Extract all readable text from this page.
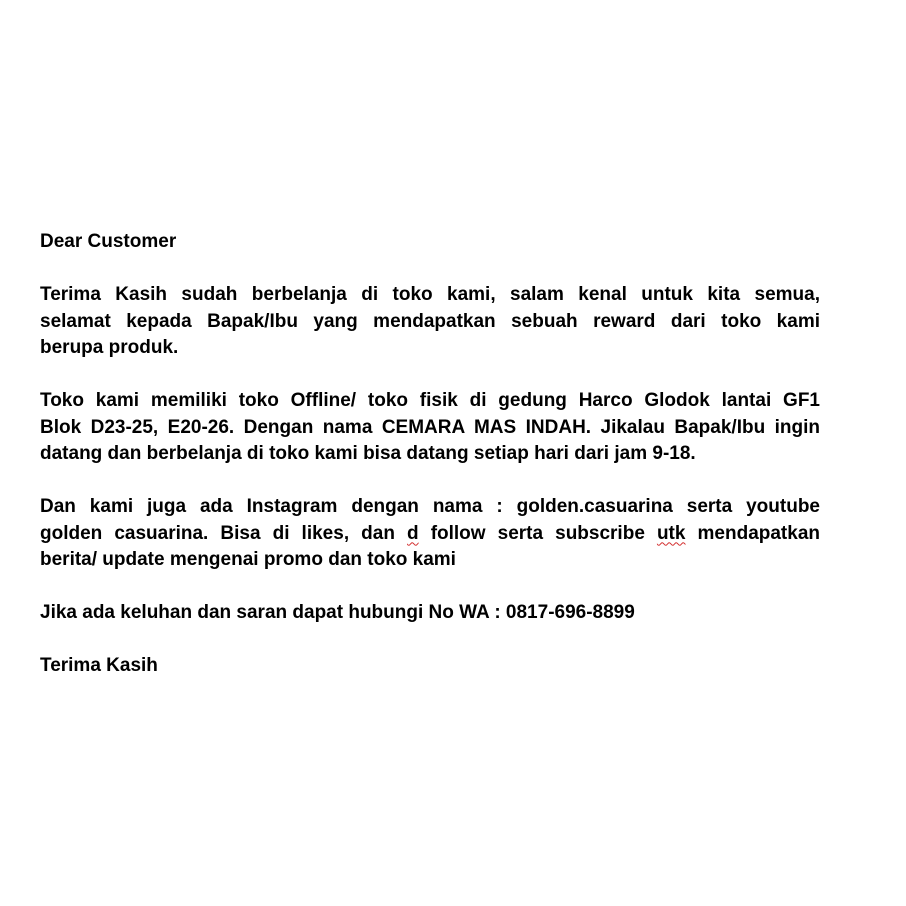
Dear Customer
Terima Kasih sudah berbelanja di toko kami, salam kenal untuk kita semua,
selamat kepada Bapak/Ibu yang mendapatkan sebuah reward dari toko kami
berupa produk.
Toko kami memiliki toko Offline/ toko fisik di gedung Harco Glodok lantai GF1
Blok D23-25, E20-26. Dengan nama CEMARA MAS INDAH. Jikalau Bapak/Ibu ingin
datang dan berbelanja di toko kami bisa datang setiap hari dari jam 9-18.
Dan kami juga ada Instagram dengan nama : golden.casuarina serta youtube
golden casuarina. Bisa di likes, dan d follow serta subscribe utk mendapatkan
berita/ update mengenai promo dan toko kami
Jika ada keluhan dan saran dapat hubungi No WA : 0817-696-8899
Terima Kasih
